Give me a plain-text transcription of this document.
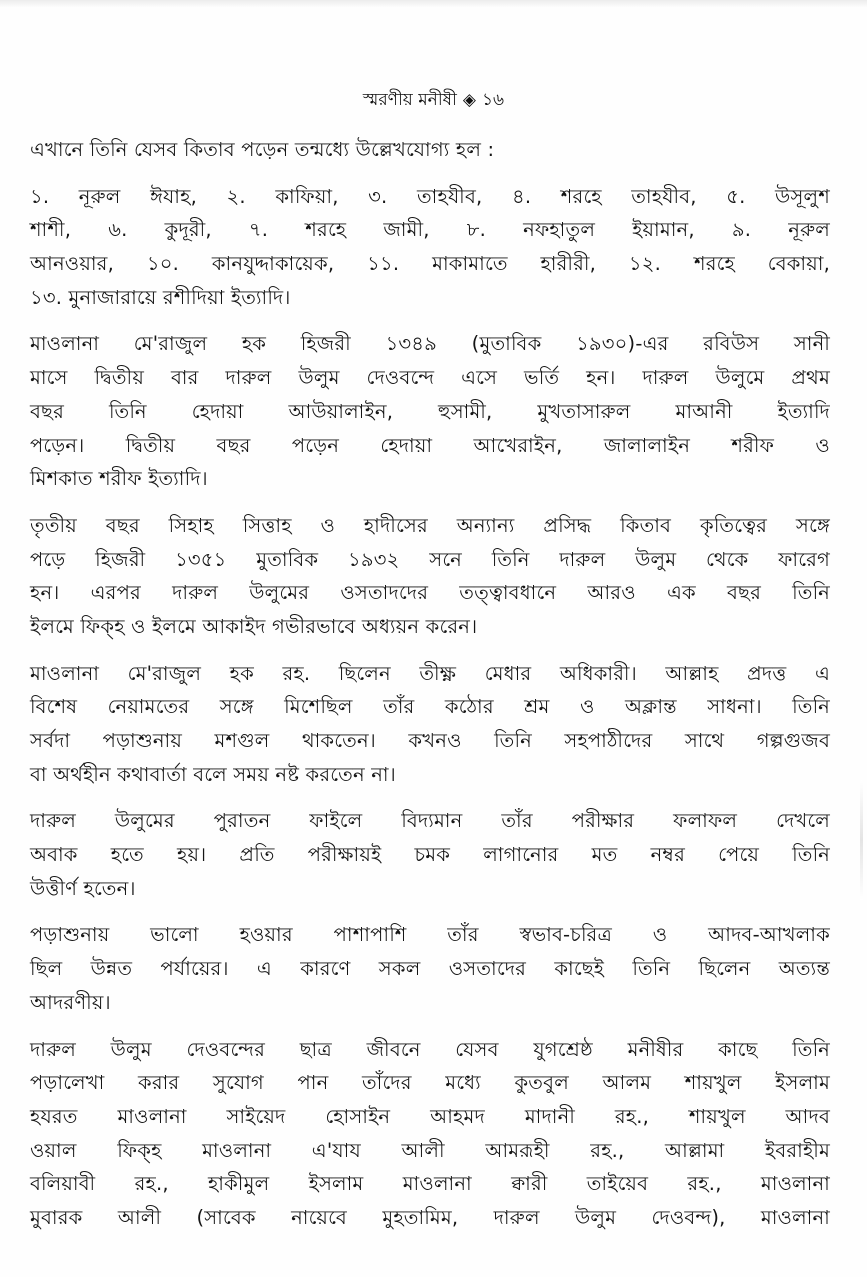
স্মরণীয় মনীষী ◈ ১৬
এখানে তিনি যেসব কিতাব পড়েন তন্মধ্যে উল্লেখযোগ্য হল :
১. নূরুল ঈযাহ, ২. কাফিয়া, ৩. তাহযীব, ৪. শরহে তাহযীব, ৫. উসূলুশ
শাশী, ৬. কুদূরী, ৭. শরহে জামী, ৮. নফহাতুল ইয়ামান, ৯. নূরুল
আনওয়ার, ১০. কানযুদ্দাকায়েক, ১১. মাকামাতে হারীরী, ১২. শরহে বেকায়া,
১৩. মুনাজারায়ে রশীদিয়া ইত্যাদি।
মাওলানা মে'রাজুল হক হিজরী ১৩৪৯ (মুতাবিক ১৯৩০)-এর রবিউস সানী
মাসে দ্বিতীয় বার দারুল উলুম দেওবন্দে এসে ভর্তি হন। দারুল উলুমে প্রথম
বছর তিনি হেদায়া আউয়ালাইন, হুসামী, মুখতাসারুল মাআনী ইত্যাদি
পড়েন। দ্বিতীয় বছর পড়েন হেদায়া আখেরাইন, জালালাইন শরীফ ও
মিশকাত শরীফ ইত্যাদি।
তৃতীয় বছর সিহাহ সিত্তাহ ও হাদীসের অন্যান্য প্রসিদ্ধ কিতাব কৃতিত্বের সঙ্গে
পড়ে হিজরী ১৩৫১ মুতাবিক ১৯৩২ সনে তিনি দারুল উলুম থেকে ফারেগ
হন। এরপর দারুল উলুমের ওসতাদদের তত্ত্বাবধানে আরও এক বছর তিনি
ইলমে ফিক্‌হ ও ইলমে আকাইদ গভীরভাবে অধ্যয়ন করেন।
মাওলানা মে'রাজুল হক রহ. ছিলেন তীক্ষ্ণ মেধার অধিকারী। আল্লাহ প্রদত্ত এ
বিশেষ নেয়ামতের সঙ্গে মিশেছিল তাঁর কঠোর শ্রম ও অক্লান্ত সাধনা। তিনি
সর্বদা পড়াশুনায় মশগুল থাকতেন। কখনও তিনি সহপাঠীদের সাথে গল্পগুজব
বা অর্থহীন কথাবার্তা বলে সময় নষ্ট করতেন না।
দারুল উলুমের পুরাতন ফাইলে বিদ্যমান তাঁর পরীক্ষার ফলাফল দেখলে
অবাক হতে হয়। প্রতি পরীক্ষায়ই চমক লাগানোর মত নম্বর পেয়ে তিনি
উত্তীর্ণ হতেন।
পড়াশুনায় ভালো হওয়ার পাশাপাশি তাঁর স্বভাব-চরিত্র ও আদব-আখলাক
ছিল উন্নত পর্যায়ের। এ কারণে সকল ওসতাদের কাছেই তিনি ছিলেন অত্যন্ত
আদরণীয়।
দারুল উলুম দেওবন্দের ছাত্র জীবনে যেসব যুগশ্রেষ্ঠ মনীষীর কাছে তিনি
পড়ালেখা করার সুযোগ পান তাঁদের মধ্যে কুতবুল আলম শায়খুল ইসলাম
হযরত মাওলানা সাইয়েদ হোসাইন আহমদ মাদানী রহ., শায়খুল আদব
ওয়াল ফিক্‌হ মাওলানা এ'যায আলী আমরূহী রহ., আল্লামা ইবরাহীম
বলিয়াবী রহ., হাকীমুল ইসলাম মাওলানা ক্বারী তাইয়েব রহ., মাওলানা
মুবারক আলী (সাবেক নায়েবে মুহতামিম, দারুল উলুম দেওবন্দ), মাওলানা
